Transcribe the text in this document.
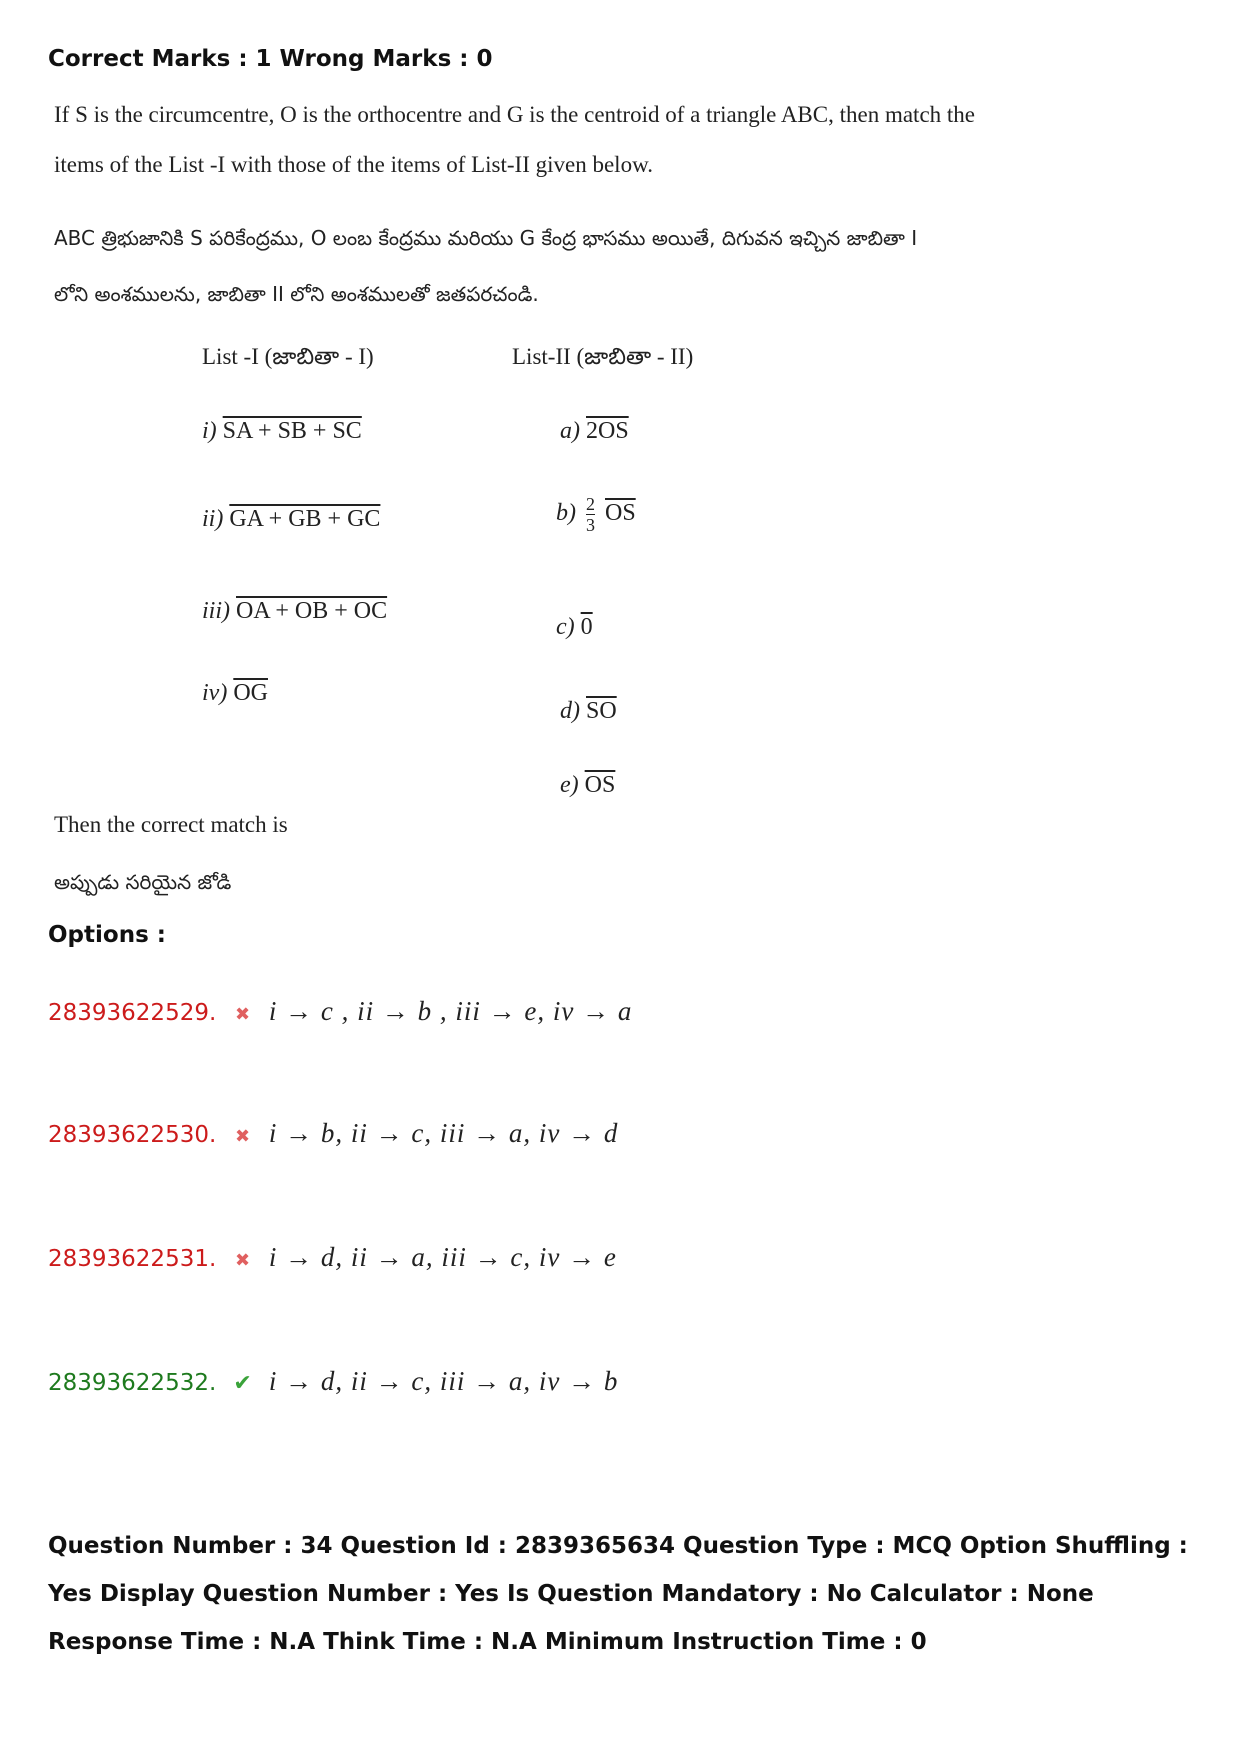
Correct Marks : 1 Wrong Marks : 0
If S is the circumcentre, O is the orthocentre and G is the centroid of a triangle ABC, then match the
items of the List -I with those of the items of List-II given below.
ABC త్రిభుజానికి S పరికేంద్రము, O లంబ కేంద్రము మరియు G కేంద్ర భాసము అయితే, దిగువన ఇచ్చిన జాబితా I
లోని అంశములను, జాబితా II లోని అంశములతో జతపరచండి.
List -I (జాబితా - I)	List-II (జాబితా - II)
i) SA + SB + SC
ii) GA + GB + GC
iii) OA + OB + OC
iv) $\overline{OG}$
a) 2OS
$b) \frac{2}{3} \overline{OS}$
c) 0
d) $\overline{SO}$
e) $\overline{OS}$
Then the correct match is
అప్పుడు సరియైన జోడి
Options :
28393622529. ✖ i → c , ii → b , iii → e, iv → a
28393622530. ✖ i → b, ii → c, iii → a, iv → d
28393622531. ✖ i → d, ii → a, iii → c, iv → e
28393622532. ✔ i → d, ii → c, iii → a, iv → b
Question Number : 34 Question Id : 2839365634 Question Type : MCQ Option Shuffling : Yes Display Question Number : Yes Is Question Mandatory : No Calculator : None Response Time : N.A Think Time : N.A Minimum Instruction Time : 0
